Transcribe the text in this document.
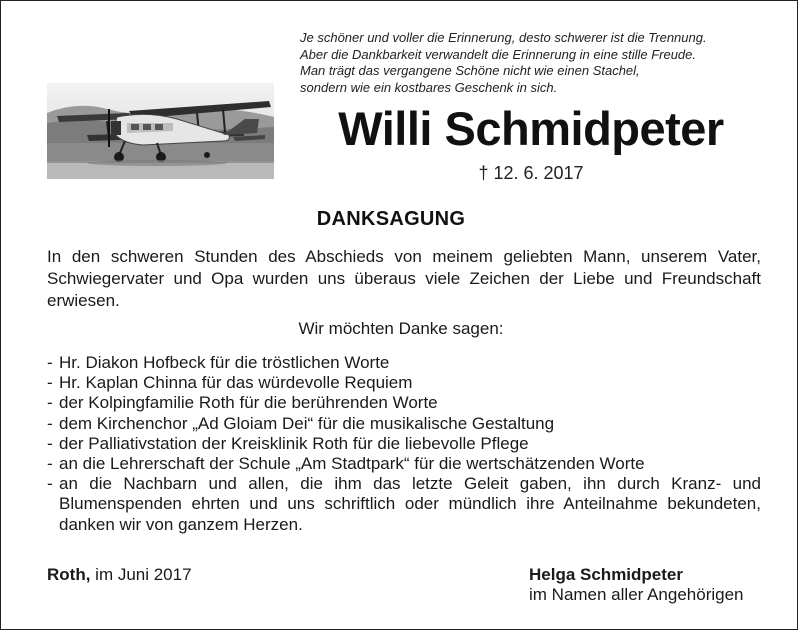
Je schöner und voller die Erinnerung, desto schwerer ist die Trennung.
Aber die Dankbarkeit verwandelt die Erinnerung in eine stille Freude.
Man trägt das vergangene Schöne nicht wie einen Stachel,
sondern wie ein kostbares Geschenk in sich.
Willi Schmidpeter
† 12. 6. 2017
DANKSAGUNG
In den schweren Stunden des Abschieds von meinem geliebten Mann, unserem Vater, Schwiegervater und Opa wurden uns überaus viele Zeichen der Liebe und Freundschaft erwiesen.
Wir möchten Danke sagen:
- Hr. Diakon Hofbeck für die tröstlichen Worte
- Hr. Kaplan Chinna für das würdevolle Requiem
- der Kolpingfamilie Roth für die berührenden Worte
- dem Kirchenchor „Ad Gloiam Dei“ für die musikalische Gestaltung
- der Palliativstation der Kreisklinik Roth für die liebevolle Pflege
- an die Lehrerschaft der Schule „Am Stadtpark“ für die wertschätzenden Worte
- an die Nachbarn und allen, die ihm das letzte Geleit gaben, ihn durch Kranz- und Blumenspenden ehrten und uns schriftlich oder mündlich ihre Anteilnahme bekundeten, danken wir von ganzem Herzen.
Roth, im Juni 2017	Helga Schmidpeter
im Namen aller Angehörigen
